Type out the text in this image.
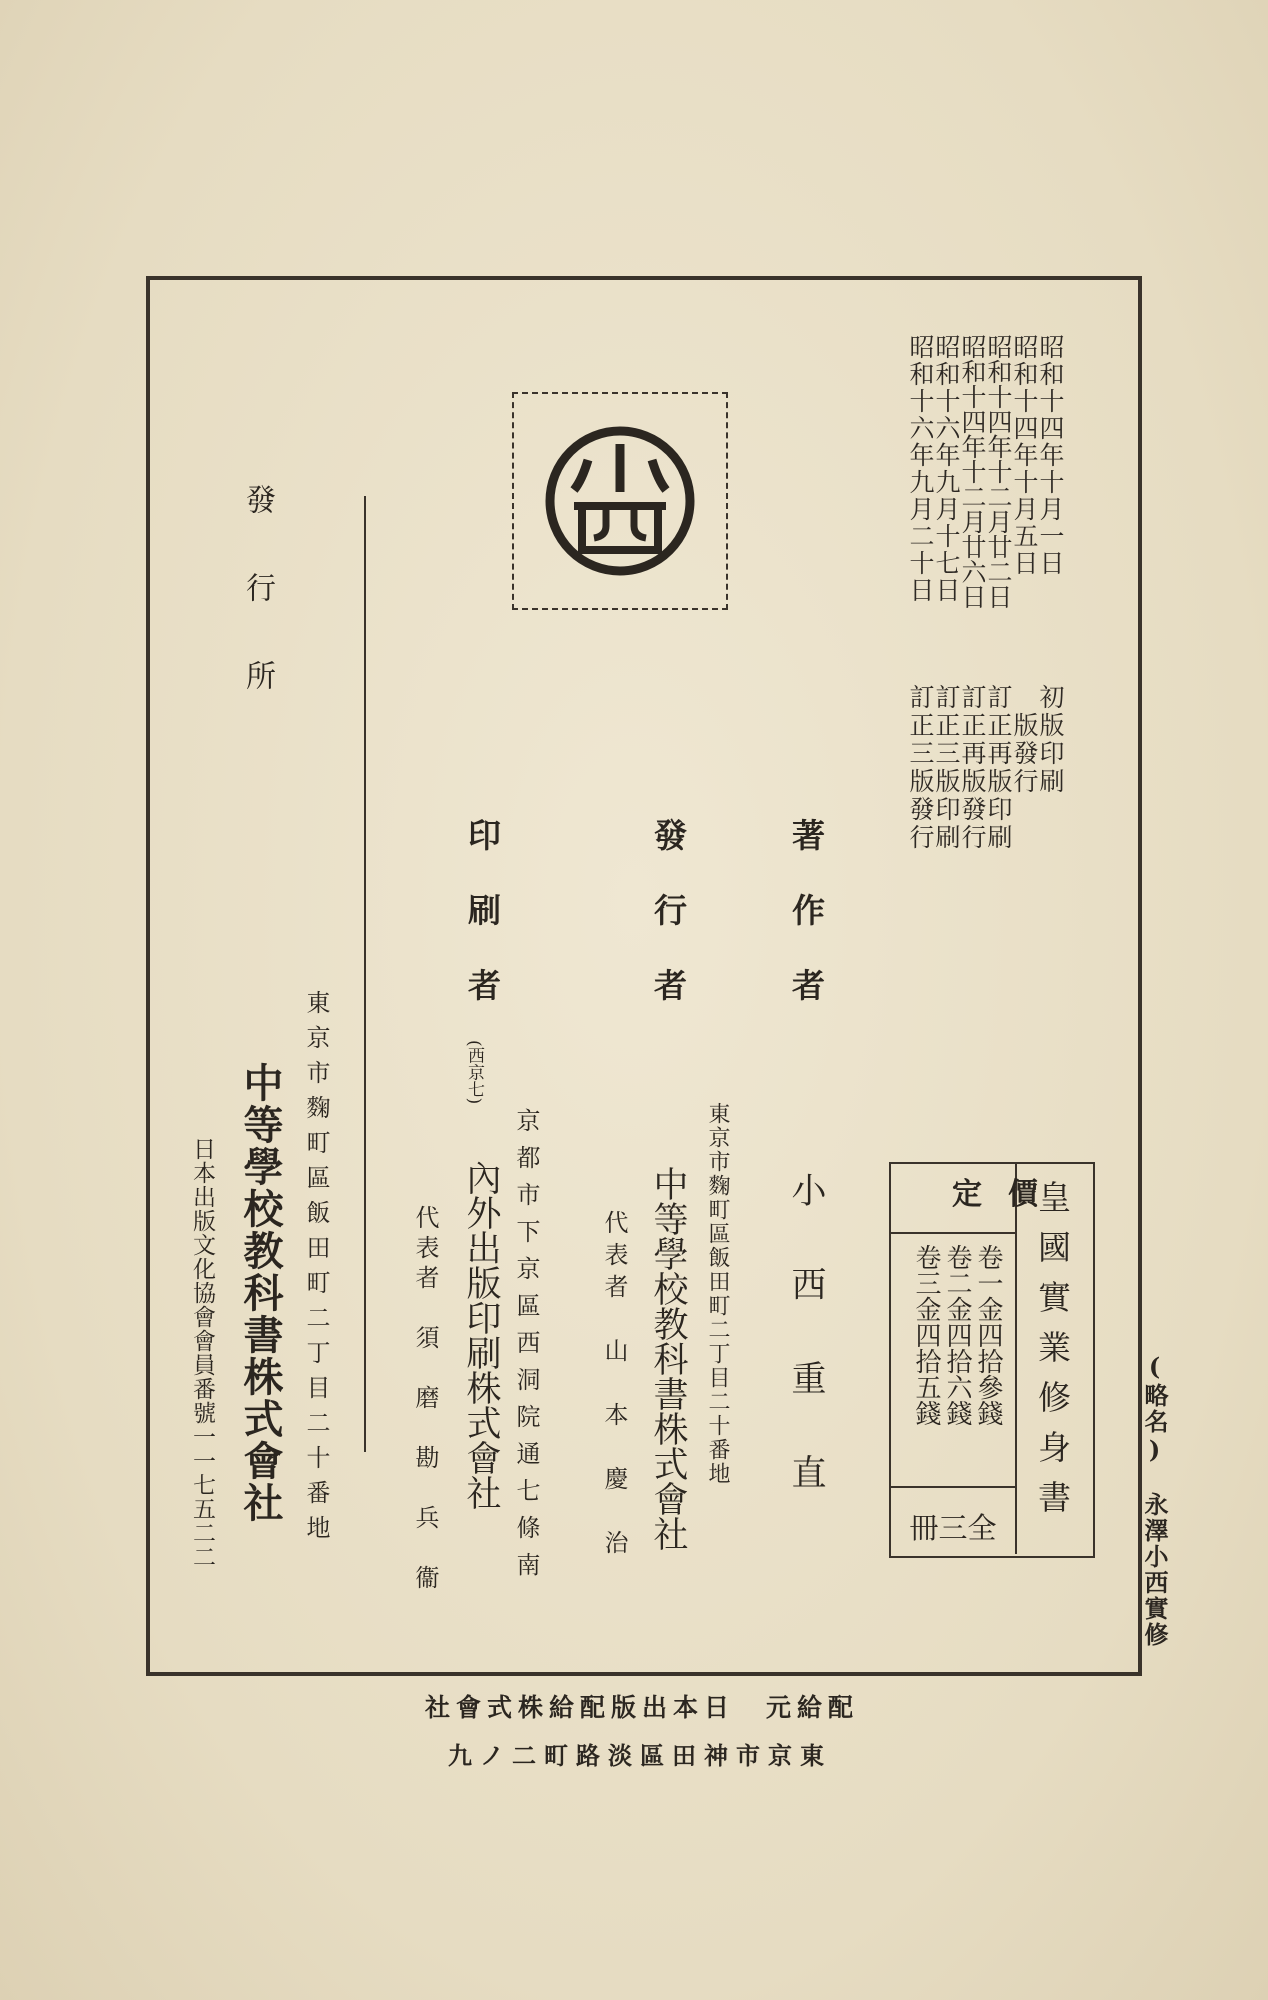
昭和十四年十月一日
昭和十四年十月五日
昭和十四年十二月廿二日
昭和十四年十二月廿六日
昭和十六年九月十七日
昭和十六年九月二十日
初版印刷
版發行
訂正再版印刷
訂正再版發行
訂正三版印刷
訂正三版發行
著作者
小　西　重　直
發行者
東京市麴町區飯田町二丁目二十番地
中等學校教科書株式會社
代表者　山　本　慶　治
印刷者
(西京七)
京都市下京區西洞院通七條南
內外出版印刷株式會社
代表者　須　磨　勘　兵　衞
發　行　所
東京市麴町區飯田町二丁目二十番地
中等學校教科書株式會社
日本出版文化協會會員番號一一七五二二	定　價
卷一金四拾參錢
卷二金四拾六錢
卷三金四拾五錢
全三冊 皇國實業修身書	(略名)　永澤小西實修
配給元　日本出版配給株式會社
東京市神田區淡路町二ノ九
